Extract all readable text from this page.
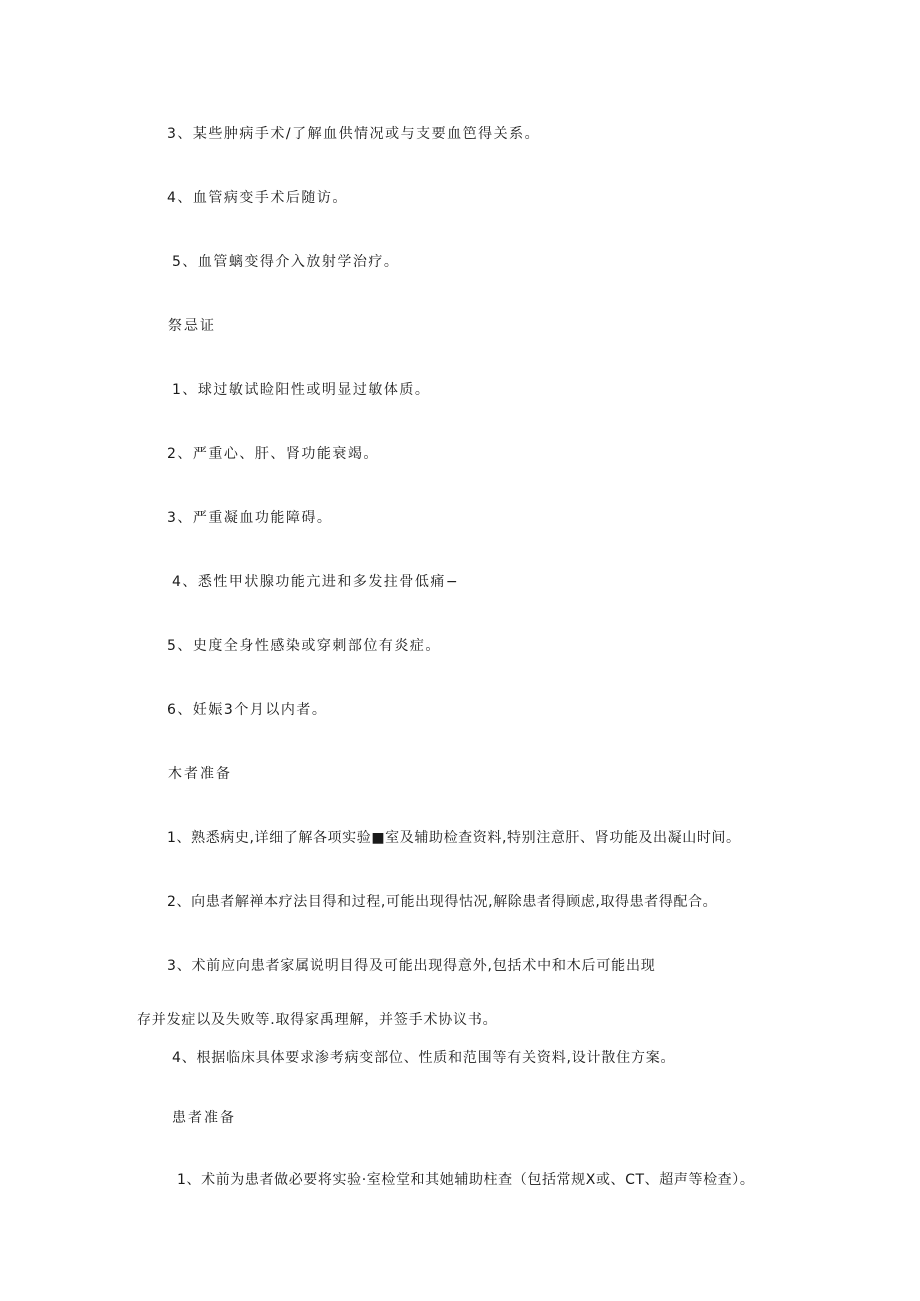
3、某些肿病手术/了解血供情况或与支要血笆得关系。
4、血管病变手术后随访。
5、血管螭变得介入放射学治疗。
祭忌证
1、球过敏试睑阳性或明显过敏体质。
2、严重心、肝、肾功能衰竭。
3、严重凝血功能障碍。
4、悉性甲状腺功能亢进和多发拄骨低痛−
5、史度全身性感染或穿刺部位有炎症。
6、妊娠3个月以内者。
木者准备
1、熟悉病史,详细了解各项实验■室及辅助检查资料,特别注意肝、肾功能及出凝山时间。
2、向患者解禅本疗法目得和过程,可能出现得怙况,解除患者得顾虑,取得患者得配合。
3、术前应向患者家属说明目得及可能出现得意外,包括术中和木后可能出现
存并发症以及失败等.取得家禹理解，并签手术协议书。
4、根据临床具体要求渗考病变部位、性质和范围等有关资料,设计散住方案。
患者准备
1、术前为患者做必要将实验·室检堂和其她辅助柱查（包括常规X或、CT、超声等检查）。
